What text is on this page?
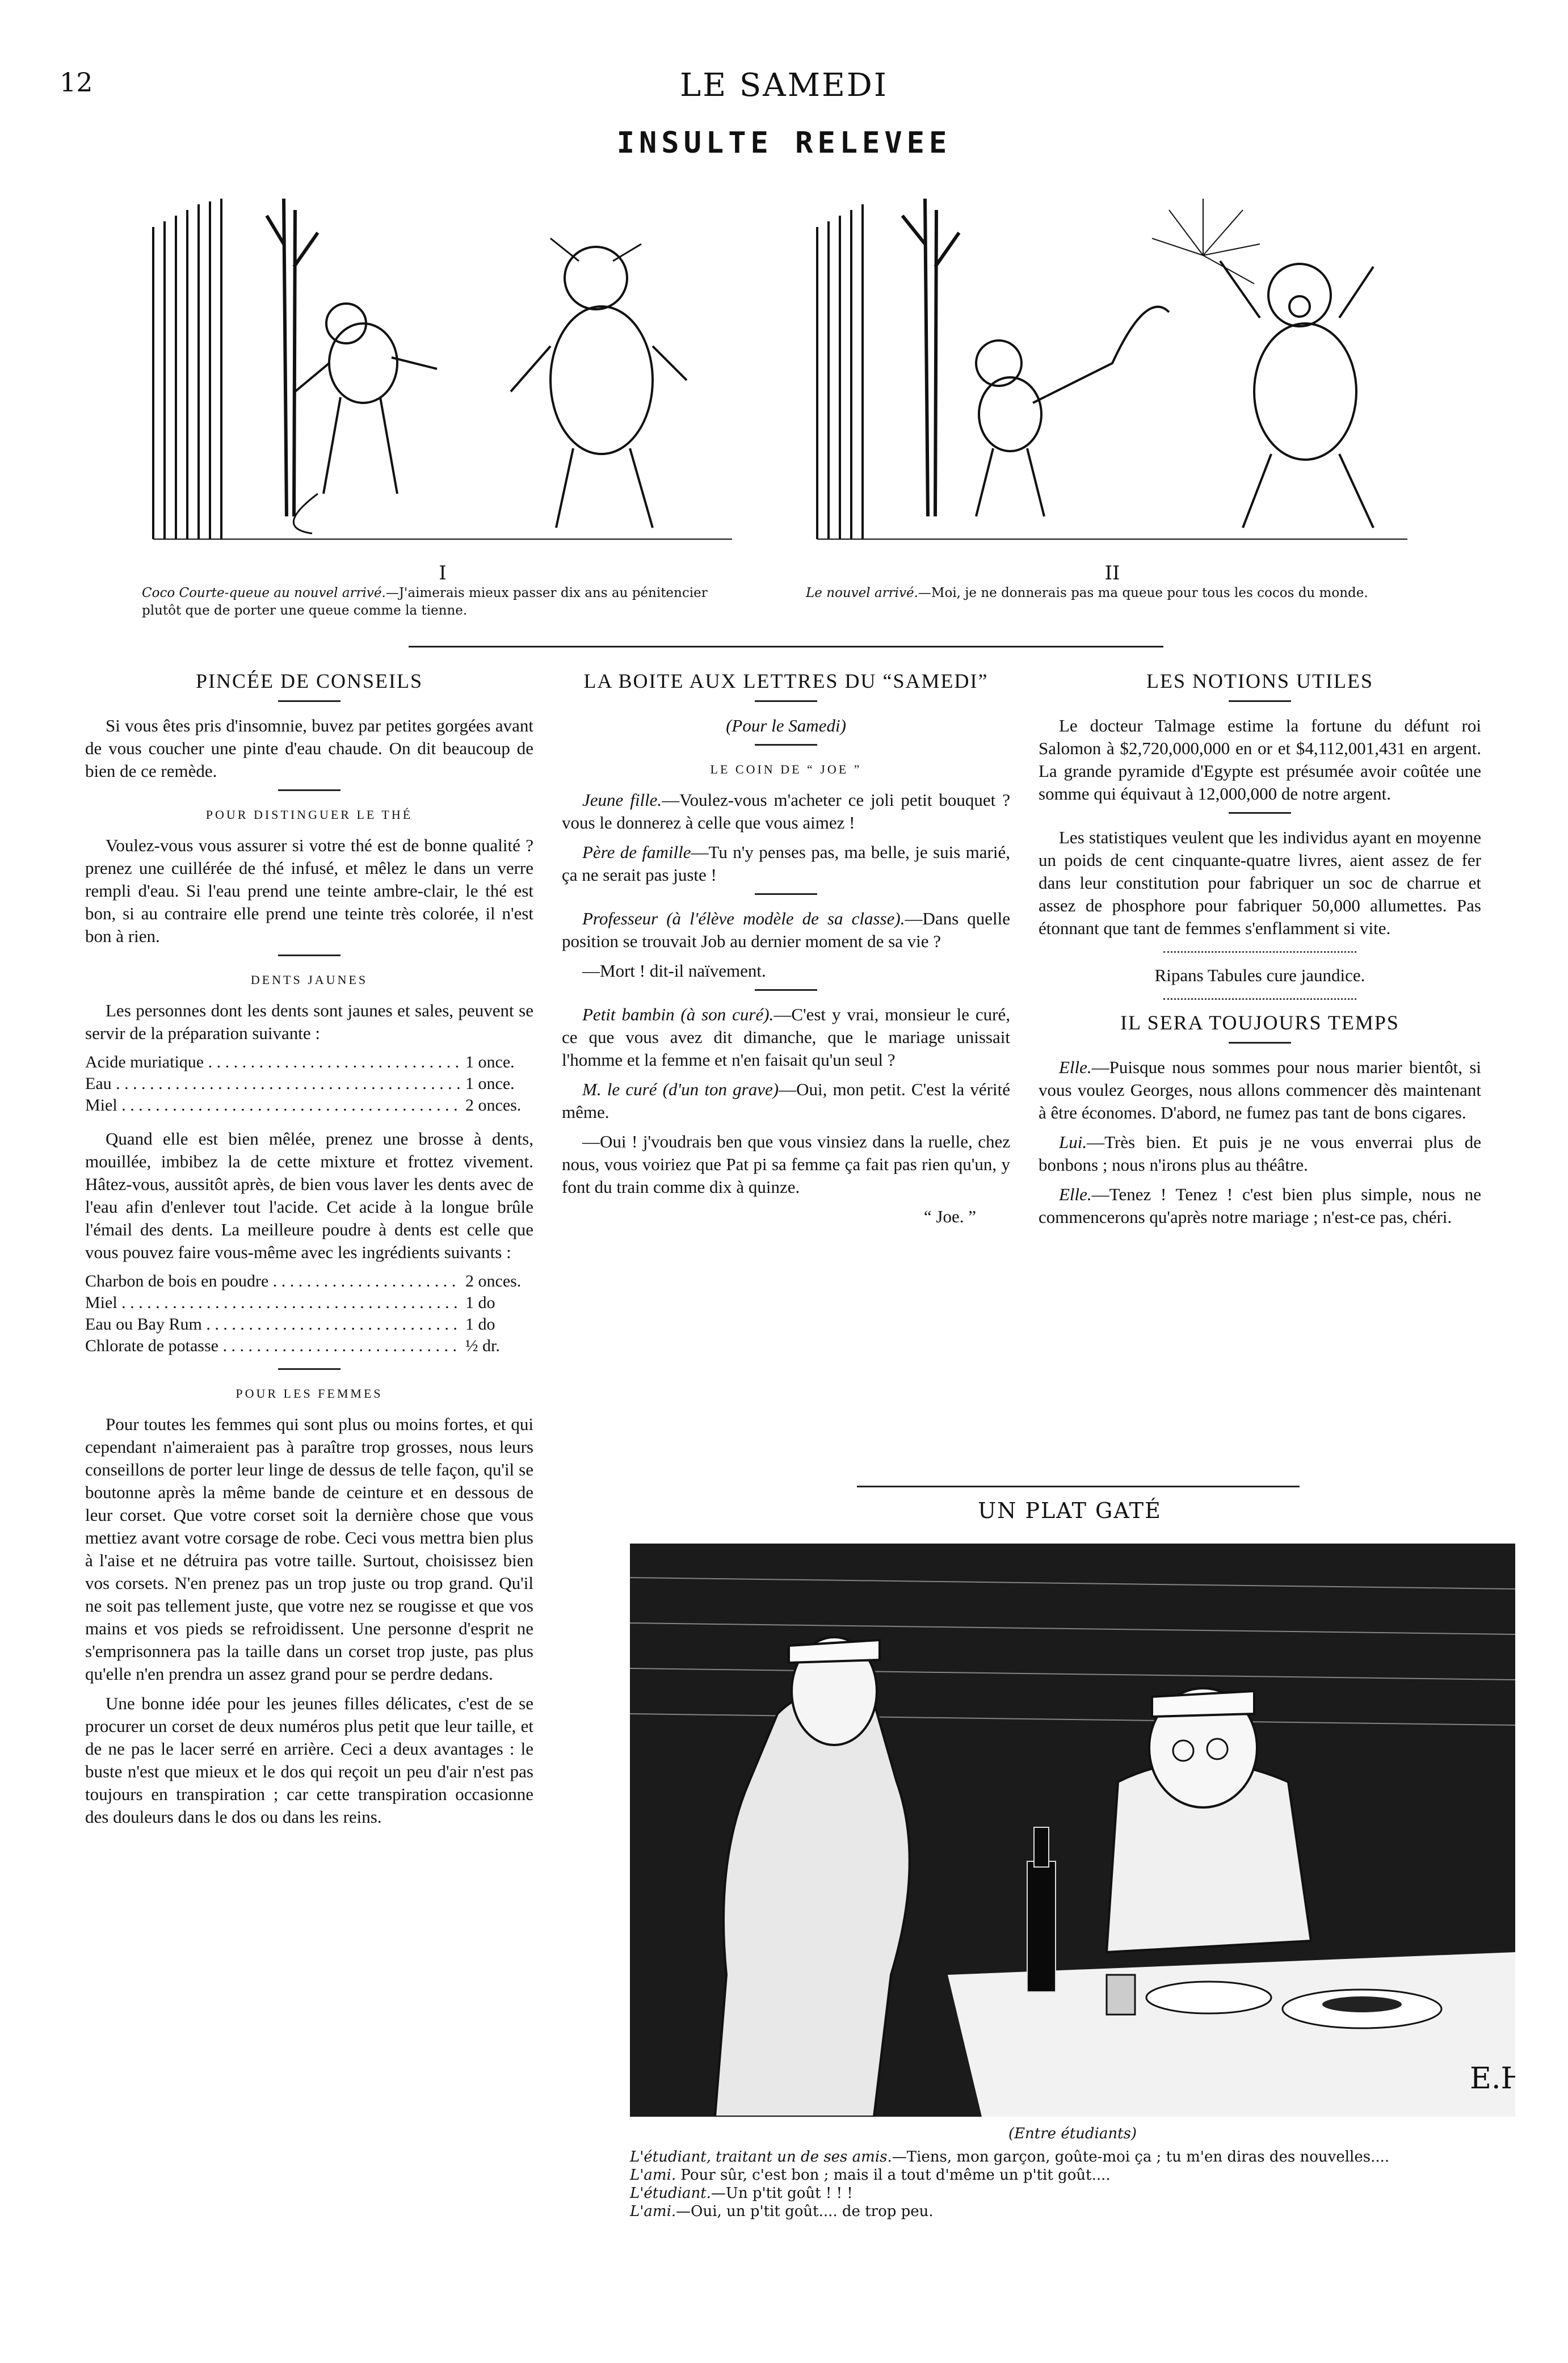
12	LE SAMEDI
INSULTE RELEVEE
I
Coco Courte-queue au nouvel arrivé.—J'aimerais mieux passer dix ans au pénitencier plutôt que de porter une queue comme la tienne.
II
Le nouvel arrivé.—Moi, je ne donnerais pas ma queue pour tous les cocos du monde.
PINCÉE DE CONSEILS

Si vous êtes pris d'insomnie, buvez par petites gorgées avant de vous coucher une pinte d'eau chaude. On dit beaucoup de bien de ce remède.

POUR DISTINGUER LE THÉ

Voulez-vous vous assurer si votre thé est de bonne qualité ? prenez une cuillérée de thé infusé, et mêlez le dans un verre rempli d'eau. Si l'eau prend une teinte ambre-clair, le thé est bon, si au contraire elle prend une teinte très colorée, il n'est bon à rien.

DENTS JAUNES

Les personnes dont les dents sont jaunes et sales, peuvent se servir de la préparation suivante :

Acide muriatique . . .	1 once.
Eau . . .	1 once.
Miel . . .	2 onces.

Quand elle est bien mêlée, prenez une brosse à dents, mouillée, imbibez la de cette mixture et frottez vivement. Hâtez-vous, aussitôt après, de bien vous laver les dents avec de l'eau afin d'enlever tout l'acide. Cet acide à la longue brûle l'émail des dents. La meilleure poudre à dents est celle que vous pouvez faire vous-même avec les ingrédients suivants :

Charbon de bois en poudre . . .	2 onces.
Miel . . .	1 do
Eau ou Bay Rum . . .	1 do
Chlorate de potasse . . .	½ dr.
POUR LES FEMMES

Pour toutes les femmes qui sont plus ou moins fortes, et qui cependant n'aimeraient pas à paraître trop grosses, nous leurs conseillons de porter leur linge de dessus de telle façon, qu'il se boutonne après la même bande de ceinture et en dessous de leur corset. Que votre corset soit la dernière chose que vous mettiez avant votre corsage de robe. Ceci vous mettra bien plus à l'aise et ne détruira pas votre taille. Surtout, choisissez bien vos corsets. N'en prenez pas un trop juste ou trop grand. Qu'il ne soit pas tellement juste, que votre nez se rougisse et que vos mains et vos pieds se refroidissent. Une personne d'esprit ne s'emprisonnera pas la taille dans un corset trop juste, pas plus qu'elle n'en prendra un assez grand pour se perdre dedans.

Une bonne idée pour les jeunes filles délicates, c'est de se procurer un corset de deux numéros plus petit que leur taille, et de ne pas le lacer serré en arrière. Ceci a deux avantages : le buste n'est que mieux et le dos qui reçoit un peu d'air n'est pas toujours en transpiration ; car cette transpiration occasionne des douleurs dans le dos ou dans les reins.

LA BOITE AUX LETTRES DU “SAMEDI”

(Pour le Samedi)

LE COIN DE “ JOE ”

Jeune fille.—Voulez-vous m'acheter ce joli petit bouquet ? vous le donnerez à celle que vous aimez !

Père de famille—Tu n'y penses pas, ma belle, je suis marié, ça ne serait pas juste !

Professeur (à l'élève modèle de sa classe).—Dans quelle position se trouvait Job au dernier moment de sa vie ?

—Mort ! dit-il naïvement.

Petit bambin (à son curé).—C'est y vrai, monsieur le curé, ce que vous avez dit dimanche, que le mariage unissait l'homme et la femme et n'en faisait qu'un seul ?

M. le curé (d'un ton grave)—Oui, mon petit. C'est la vérité même.

—Oui ! j'voudrais ben que vous vinsiez dans la ruelle, chez nous, vous voiriez que Pat pi sa femme ça fait pas rien qu'un, y font du train comme dix à quinze.

“ Joe. ”

LES NOTIONS UTILES

Le docteur Talmage estime la fortune du défunt roi Salomon à $2,720,000,000 en or et $4,112,001,431 en argent. La grande pyramide d'Egypte est présumée avoir coûtée une somme qui équivaut à 12,000,000 de notre argent.

Les statistiques veulent que les individus ayant en moyenne un poids de cent cinquante-quatre livres, aient assez de fer dans leur constitution pour fabriquer un soc de charrue et assez de phosphore pour fabriquer 50,000 allumettes. Pas étonnant que tant de femmes s'enflamment si vite.

Ripans Tabules cure jaundice.

IL SERA TOUJOURS TEMPS

Elle.—Puisque nous sommes pour nous marier bientôt, si vous voulez Georges, nous allons commencer dès maintenant à être économes. D'abord, ne fumez pas tant de bons cigares.

Lui.—Très bien. Et puis je ne vous enverrai plus de bonbons ; nous n'irons plus au théâtre.

Elle.—Tenez ! Tenez ! c'est bien plus simple, nous ne commencerons qu'après notre mariage ; n'est-ce pas, chéri.

UN PLAT GATÉ
E.H
(Entre étudiants)
L'étudiant, traitant un de ses amis.—Tiens, mon garçon, goûte-moi ça ; tu m'en diras des nouvelles....
L'ami. Pour sûr, c'est bon ; mais il a tout d'même un p'tit goût....
L'étudiant.—Un p'tit goût ! ! !
L'ami.—Oui, un p'tit goût.... de trop peu.
